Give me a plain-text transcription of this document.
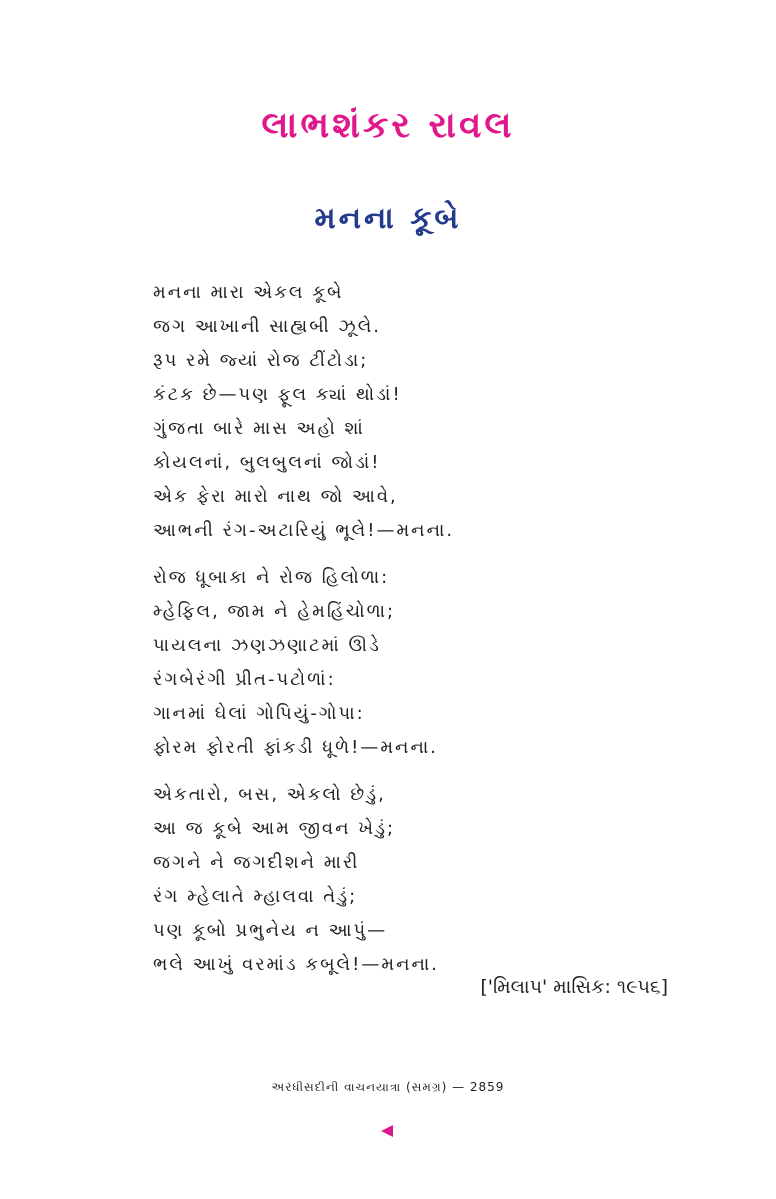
લાભશંકર રાવલ
મનના કૂબે
મનના મારા એકલ કૂબે
જગ આખાની સાહ્યબી ઝૂલે.
રૂપ રમે જ્યાં રોજ ટીંટોડા;
કંટક છે—પણ ફૂલ ક્યાં થોડાં!
ગુંજતા બારે માસ અહો શાં
કોયલનાં, બુલબુલનાં જોડાં!
એક ફેરા મારો નાથ જો આવે,
આભની રંગ-અટારિયું ભૂલે!—મનના.
રોજ ધૂબાકા ને રોજ હિલોળા:
મ્હેફિલ, જામ ને હેમહિંચોળા;
પાયલના ઝણઝણાટમાં ઊડે
રંગબેરંગી પ્રીત-પટોળાં:
ગાનમાં ઘેલાં ગોપિયું-ગોપા:
ફોરમ ફોરતી ફાંકડી ધૂળે!—મનના.
એકતારો, બસ, એકલો છેડું,
આ જ કૂબે આમ જીવન ખેડું;
જગને ને જગદીશને મારી
રંગ મ્હેલાતે મ્હાલવા તેડું;
પણ કૂબો પ્રભુનેય ન આપું—
ભલે આખું વરમાંડ કબૂલે!—મનના.
['મિલાપ' માસિક: ૧૯૫૬]
અરધીસદીની વાચનયાત્રા (સમગ્ર) — 2859
